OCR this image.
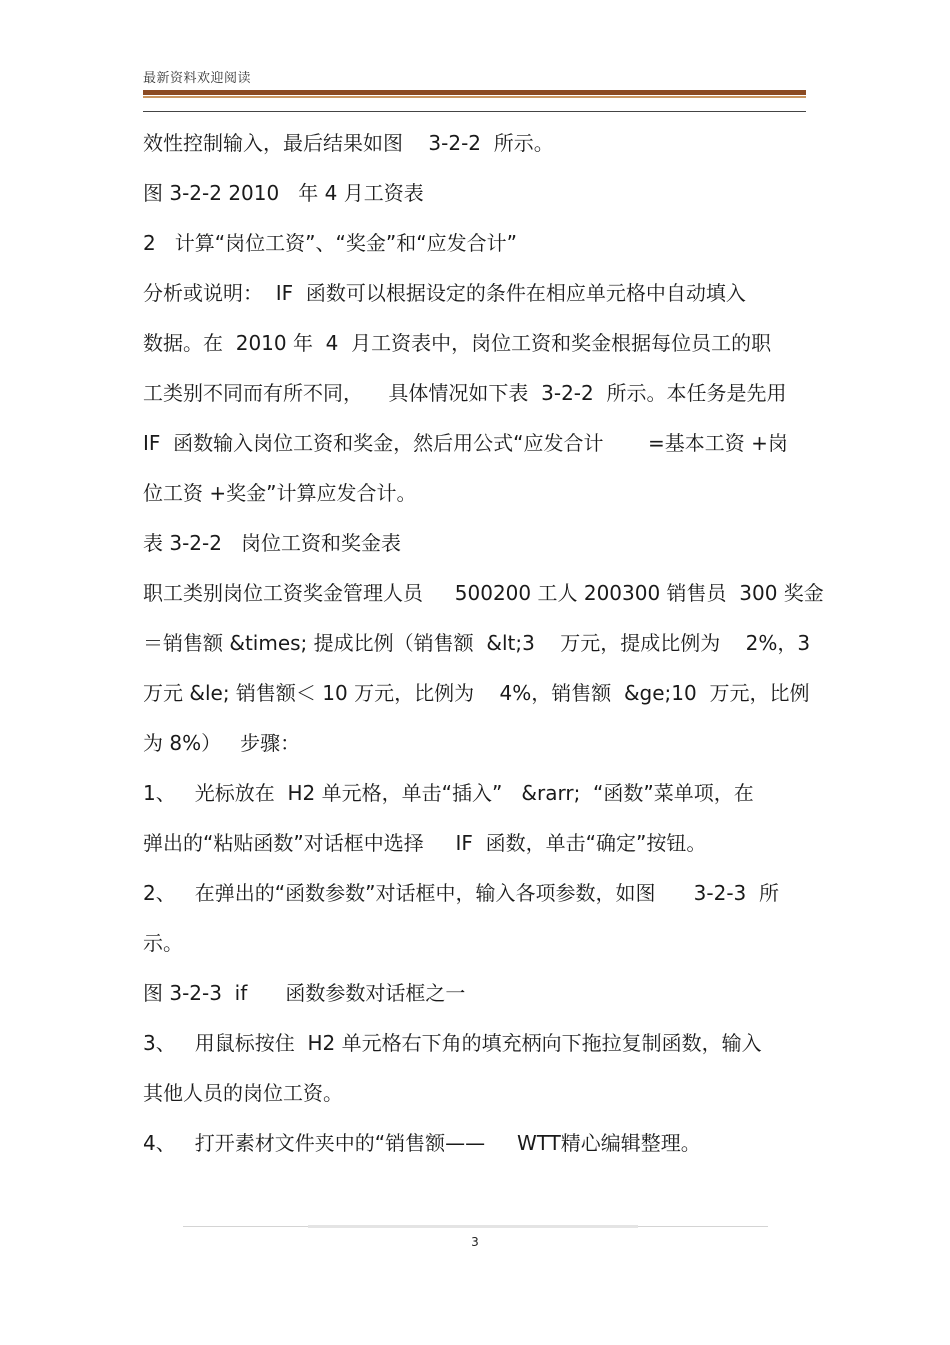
最新资料欢迎阅读
效性控制输入，最后结果如图    3-2-2  所示。
图 3-2-2 2010   年 4 月工资表
2   计算“岗位工资”、“奖金”和“应发合计”
分析或说明：  IF  函数可以根据设定的条件在相应单元格中自动填入
数据。在  2010 年  4  月工资表中，岗位工资和奖金根据每位员工的职
工类别不同而有所不同，    具体情况如下表  3-2-2  所示。本任务是先用
IF  函数输入岗位工资和奖金，然后用公式“应发合计       =基本工资 +岗
位工资 +奖金”计算应发合计。
表 3-2-2   岗位工资和奖金表
职工类别岗位工资奖金管理人员     500200 工人 200300 销售员  300 奖金
＝销售额 &times; 提成比例（销售额  &lt;3    万元，提成比例为    2%，3
万元 &le; 销售额＜ 10 万元，比例为    4%，销售额  &ge;10  万元，比例
为 8%）   步骤：
1、   光标放在  H2 单元格，单击“插入”   &rarr;  “函数”菜单项，在
弹出的“粘贴函数”对话框中选择     IF  函数，单击“确定”按钮。
2、   在弹出的“函数参数”对话框中，输入各项参数，如图      3-2-3  所
示。
图 3-2-3  if      函数参数对话框之一
3、   用鼠标按住  H2 单元格右下角的填充柄向下拖拉复制函数，输入
其他人员的岗位工资。
4、   打开素材文件夹中的“销售额——     WTT精心编辑整理。
3
